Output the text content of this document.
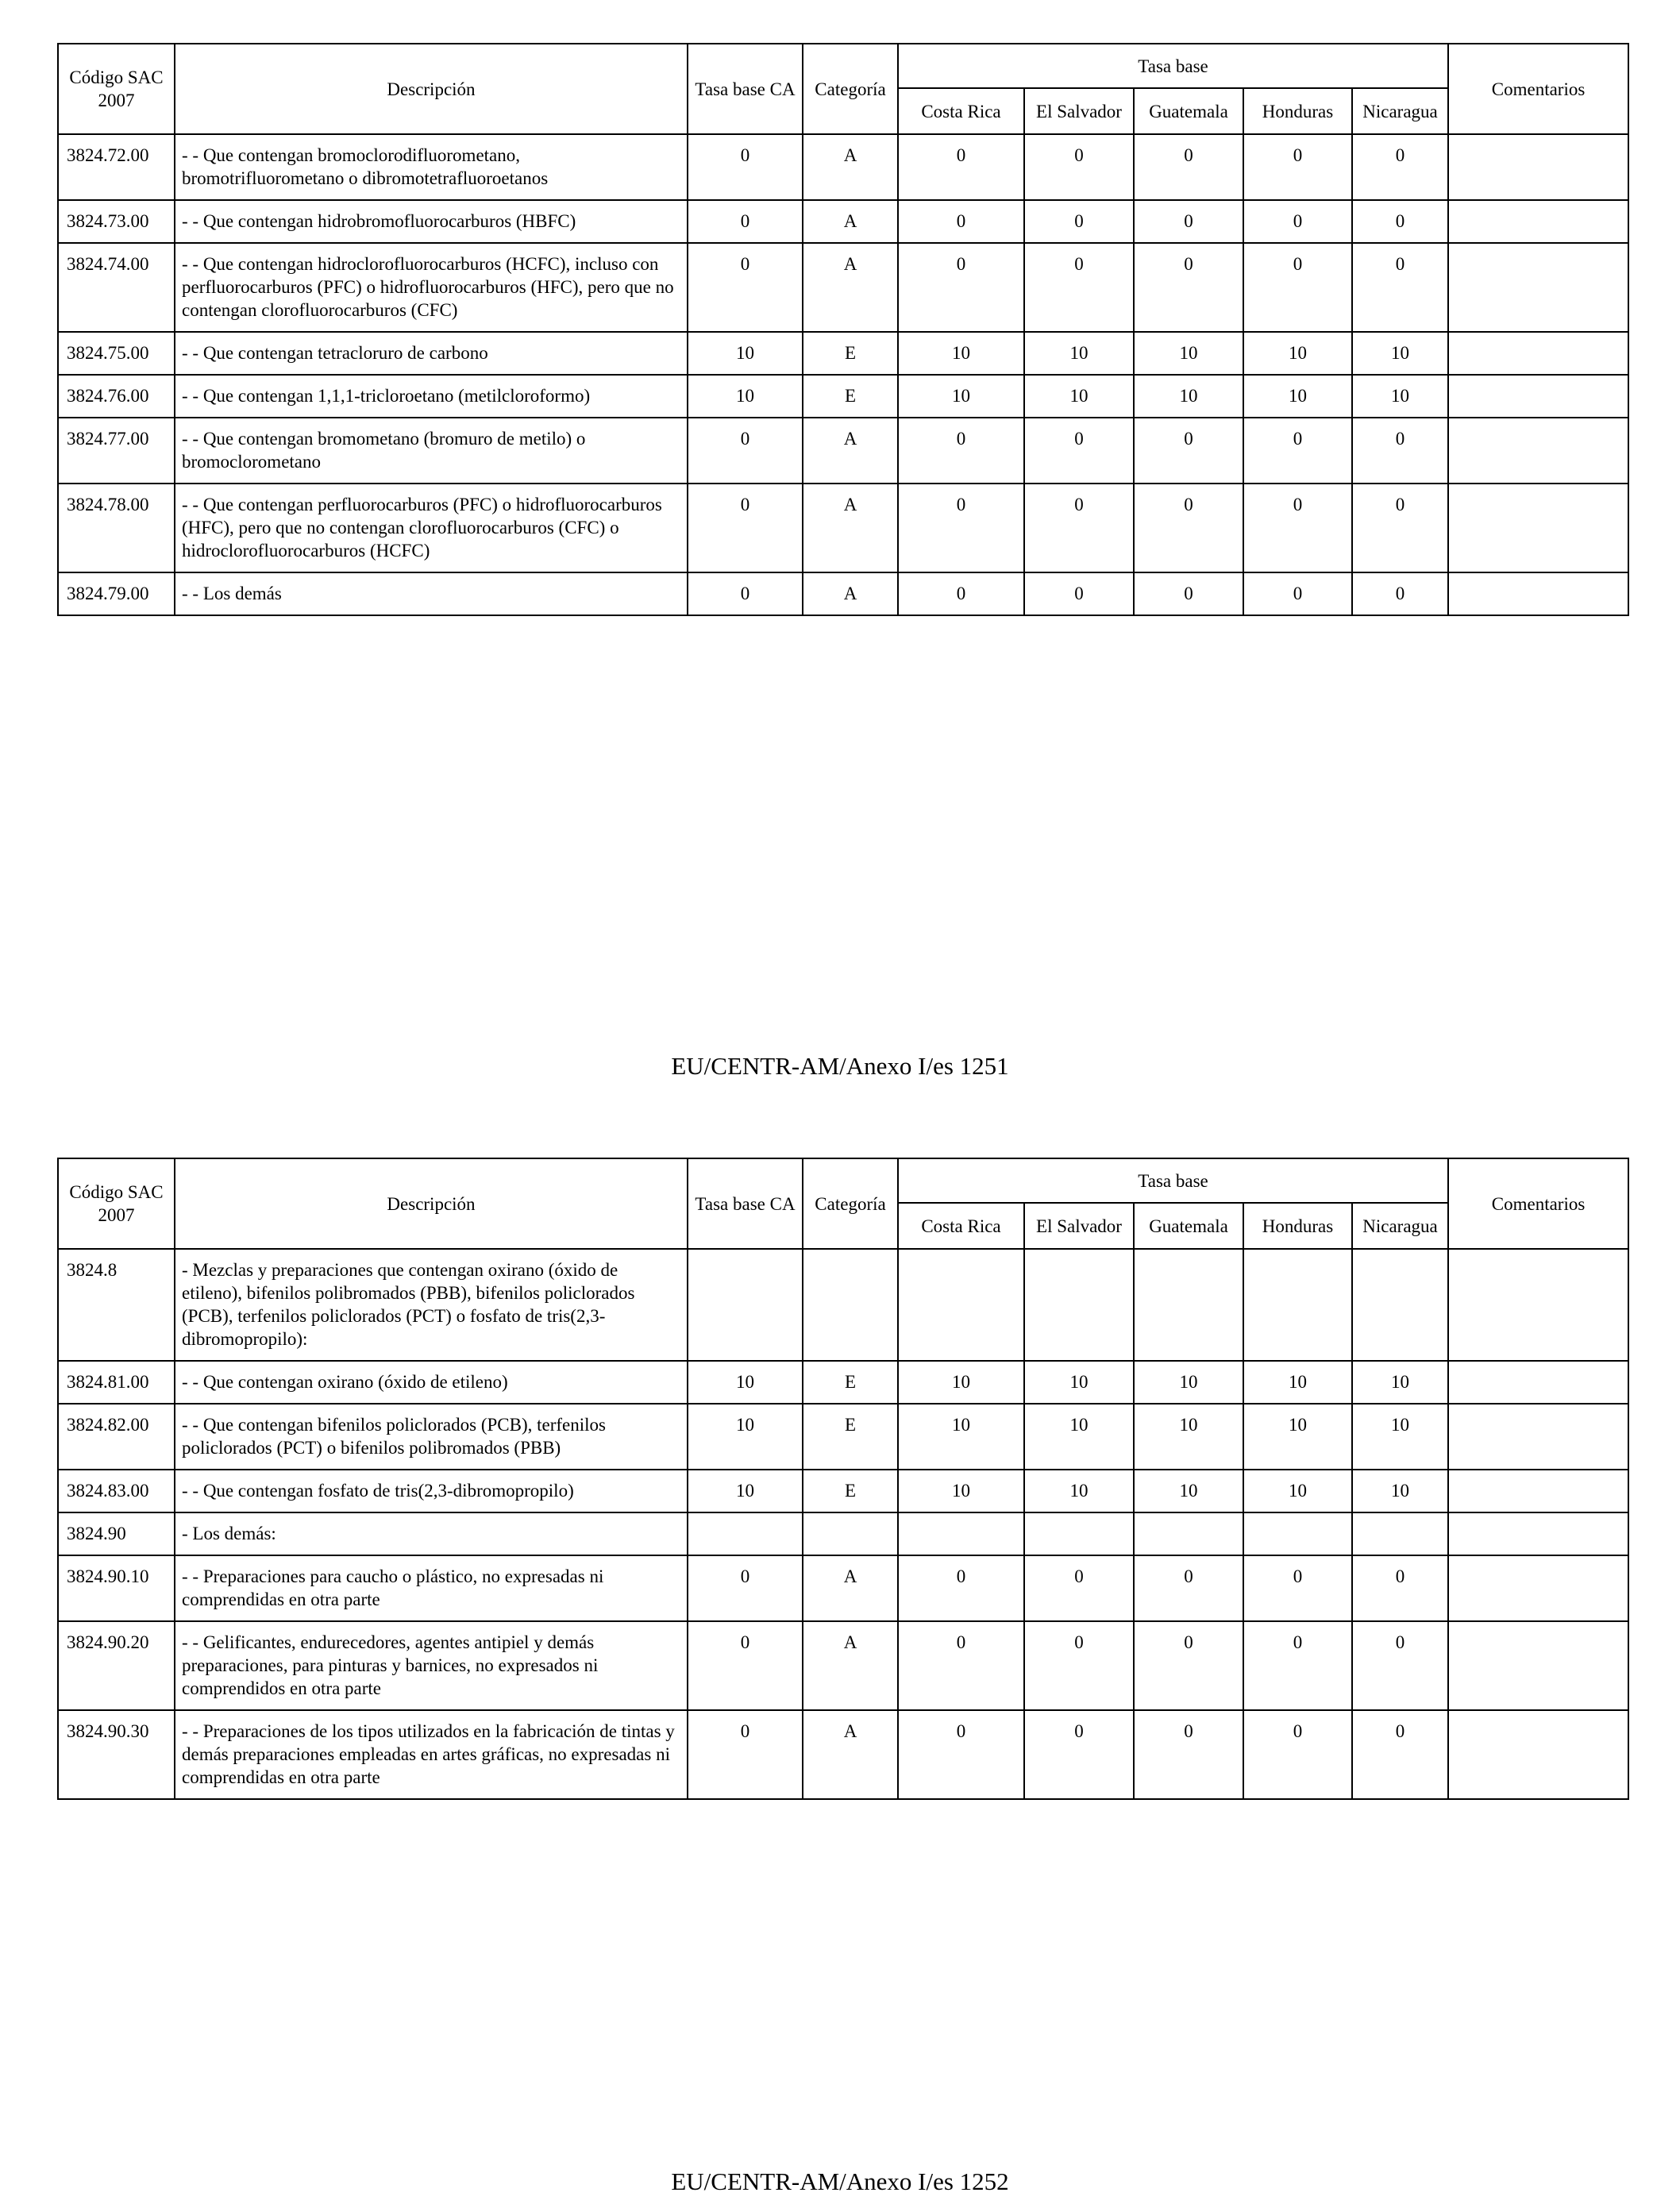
Código SAC 2007	Descripción	Tasa base CA	Categoría	Tasa base					Comentarios
				Costa Rica	El Salvador	Guatemala	Honduras	Nicaragua	
3824.72.00	- - Que contengan bromoclorodifluorometano, bromotrifluorometano o dibromotetrafluoroetanos	0	A	0	0	0	0	0	
3824.73.00	- - Que contengan hidrobromofluorocarburos (HBFC)	0	A	0	0	0	0	0	
3824.74.00	- - Que contengan hidroclorofluorocarburos (HCFC), incluso con perfluorocarburos (PFC) o hidrofluorocarburos (HFC), pero que no contengan clorofluorocarburos (CFC)	0	A	0	0	0	0	0	
3824.75.00	- - Que contengan tetracloruro de carbono	10	E	10	10	10	10	10	
3824.76.00	- - Que contengan 1,1,1-tricloroetano (metilcloroformo)	10	E	10	10	10	10	10	
3824.77.00	- - Que contengan bromometano (bromuro de metilo) o bromoclorometano	0	A	0	0	0	0	0	
3824.78.00	- - Que contengan perfluorocarburos (PFC) o hidrofluorocarburos (HFC), pero que no contengan clorofluorocarburos (CFC) o hidroclorofluorocarburos (HCFC)	0	A	0	0	0	0	0	
3824.79.00	- - Los demás	0	A	0	0	0	0	0	
EU/CENTR-AM/Anexo I/es 1251
Código SAC 2007	Descripción	Tasa base CA	Categoría	Tasa base					Comentarios
				Costa Rica	El Salvador	Guatemala	Honduras	Nicaragua	
3824.8	- Mezclas y preparaciones que contengan oxirano (óxido de etileno), bifenilos polibromados (PBB), bifenilos policlorados (PCB), terfenilos policlorados (PCT) o fosfato de tris(2,3-dibromopropilo):								
3824.81.00	- - Que contengan oxirano (óxido de etileno)	10	E	10	10	10	10	10	
3824.82.00	- - Que contengan bifenilos policlorados (PCB), terfenilos policlorados (PCT) o bifenilos polibromados (PBB)	10	E	10	10	10	10	10	
3824.83.00	- - Que contengan fosfato de tris(2,3-dibromopropilo)	10	E	10	10	10	10	10	
3824.90	- Los demás:								
3824.90.10	- - Preparaciones para caucho o plástico, no expresadas ni comprendidas en otra parte	0	A	0	0	0	0	0	
3824.90.20	- - Gelificantes, endurecedores, agentes antipiel y demás preparaciones, para pinturas y barnices, no expresados ni comprendidos en otra parte	0	A	0	0	0	0	0	
3824.90.30	- - Preparaciones de los tipos utilizados en la fabricación de tintas y demás preparaciones empleadas en artes gráficas, no expresadas ni comprendidas en otra parte	0	A	0	0	0	0	0	
EU/CENTR-AM/Anexo I/es 1252
